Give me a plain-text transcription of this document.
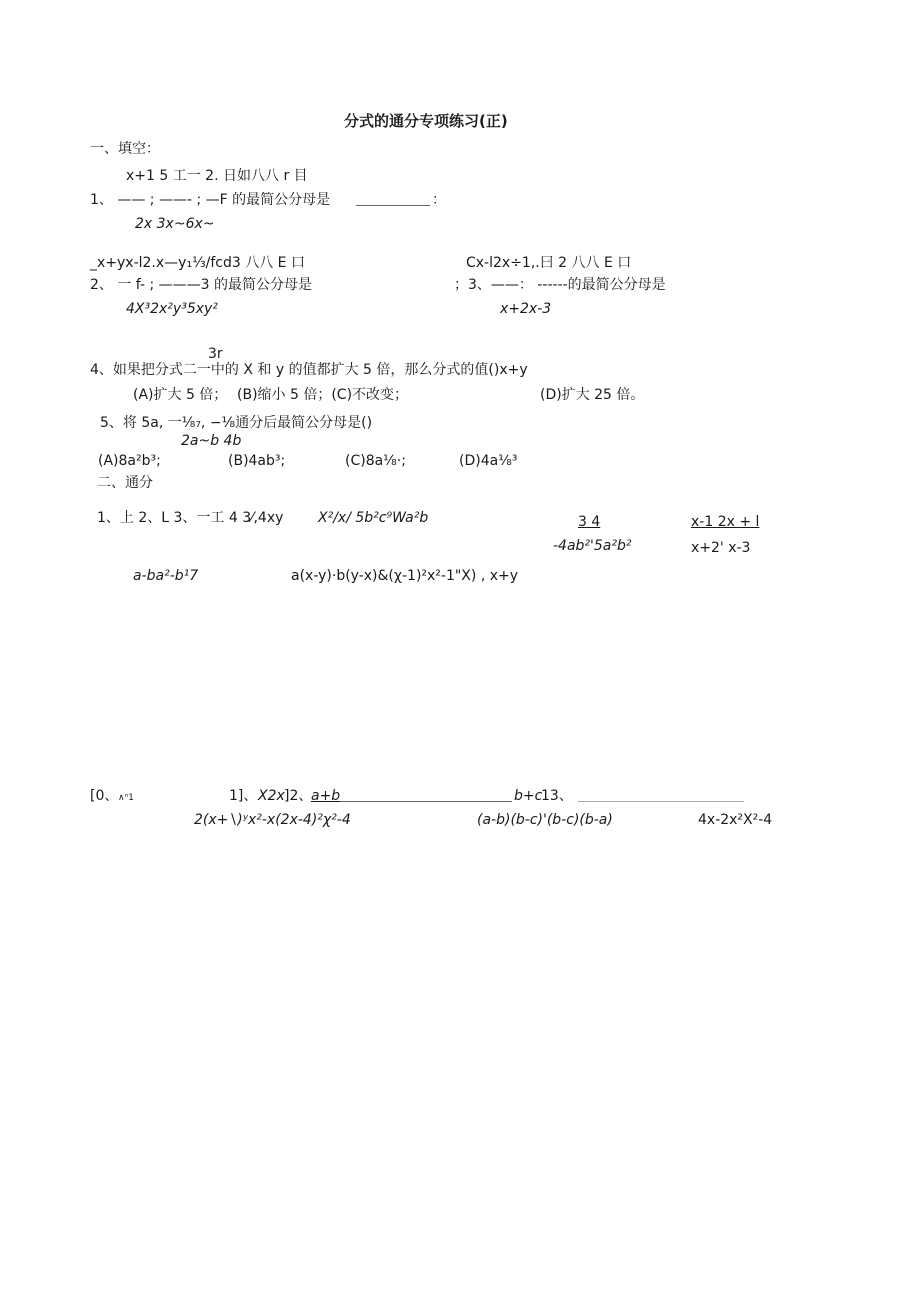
分式的通分专项练习(正)
一、填空：
x+1 5 工一 2. 日如八八 r 目
1、 —— ; ——- ; —F 的最简公分母是	：
2x 3x~6x~
_x+yx-l2.x—y₁⅓/fcd3 八八 E 口
2、 一 f- ; ———3 的最简公分母是
4X³2x²y³5xy²
Cx-l2x÷1,.曰 2 八八 E 口
；3、——： ------的最简公分母是
x+2x-3
3r
4、如果把分式二一中的 X 和 y 的值都扩大 5 倍，那么分式的值()x+y
(A)扩大 5 倍； (B)缩小 5 倍；(C)不改变；	(D)扩大 25 倍。
5、将 5a, 一⅛₇, −⅛通分后最简公分母是()
2a~b 4b
(A)8a²b³;	(B)4ab³;	(C)8a⅛·;	(D)4a⅛³
二、通分
1、上 2、L 3、一工 4 3⁄,4xy X²/x/ 5b²c⁹Wa²b	3 4
-4ab²'5a²b²
x-1 2x + l
x+2' x-3
a-ba²-b¹7	a(x-y)·b(y-x)&(χ-1)²x²-1"X) , x+y
[0、 ∧ⁿ1	1]、 X2x ]2、
a+b	b+c
13、
2(x+∖)ʸx²-x(2x-4)²χ²-4	(a-b)(b-c)'(b-c)(b-a)	4x-2x²X²-4
